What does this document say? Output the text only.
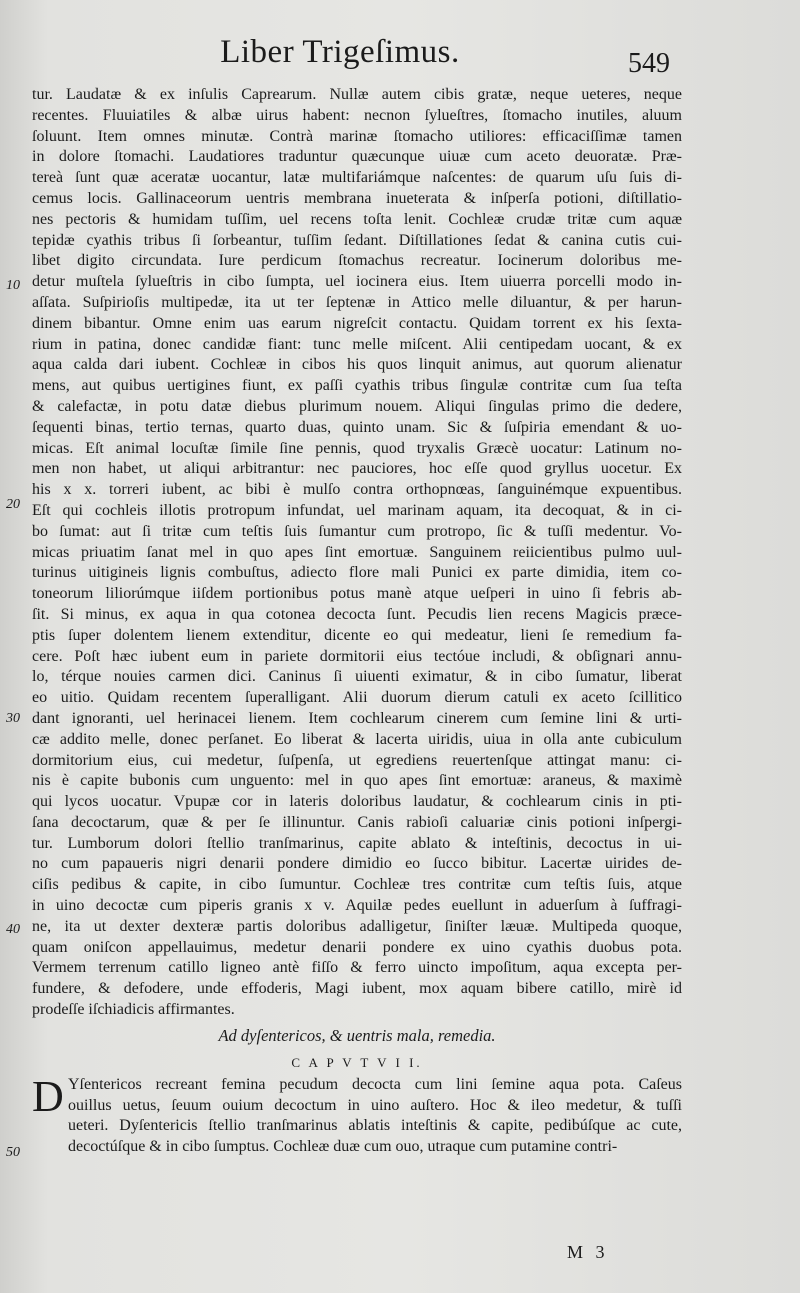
Liber Trigeſimus.	549
10
20
30
40
50
tur. Laudatæ & ex inſulis Caprearum. Nullæ autem cibis gratæ, neque ueteres, neque
recentes. Fluuiatiles & albæ uirus habent: necnon ſylueſtres, ſtomacho inutiles, aluum
ſoluunt. Item omnes minutæ. Contrà marinæ ſtomacho utiliores: efficaciſſimæ tamen
in dolore ſtomachi. Laudatiores traduntur quæcunque uiuæ cum aceto deuoratæ. Præ-
tereà ſunt quæ aceratæ uocantur, latæ multifariámque naſcentes: de quarum uſu ſuis di-
cemus locis. Gallinaceorum uentris membrana inueterata & inſperſa potioni, diſtillatio-
nes pectoris & humidam tuſſim, uel recens toſta lenit. Cochleæ crudæ tritæ cum aquæ
tepidæ cyathis tribus ſi ſorbeantur, tuſſim ſedant. Diſtillationes ſedat & canina cutis cui-
libet digito circundata. Iure perdicum ſtomachus recreatur. Iocinerum doloribus me-
detur muſtela ſylueſtris in cibo ſumpta, uel iocinera eius. Item uiuerra porcelli modo in-
aſſata. Suſpirioſis multipedæ, ita ut ter ſeptenæ in Attico melle diluantur, & per harun-
dinem bibantur. Omne enim uas earum nigreſcit contactu. Quidam torrent ex his ſexta-
rium in patina, donec candidæ fiant: tunc melle miſcent. Alii centipedam uocant, & ex
aqua calda dari iubent. Cochleæ in cibos his quos linquit animus, aut quorum alienatur
mens, aut quibus uertigines fiunt, ex paſſi cyathis tribus ſingulæ contritæ cum ſua teſta
& calefactæ, in potu datæ diebus plurimum nouem. Aliqui ſingulas primo die dedere,
ſequenti binas, tertio ternas, quarto duas, quinto unam. Sic & ſuſpiria emendant & uo-
micas. Eſt animal locuſtæ ſimile ſine pennis, quod tryxalis Græcè uocatur: Latinum no-
men non habet, ut aliqui arbitrantur: nec pauciores, hoc eſſe quod gryllus uocetur. Ex
his x x. torreri iubent, ac bibi è mulſo contra orthopnœas, ſanguinémque expuentibus.
Eſt qui cochleis illotis protropum infundat, uel marinam aquam, ita decoquat, & in ci-
bo ſumat: aut ſi tritæ cum teſtis ſuis ſumantur cum protropo, ſic & tuſſi medentur. Vo-
micas priuatim ſanat mel in quo apes ſint emortuæ. Sanguinem reiicientibus pulmo uul-
turinus uitigineis lignis combuſtus, adiecto flore mali Punici ex parte dimidia, item co-
toneorum liliorúmque iiſdem portionibus potus manè atque ueſperi in uino ſi febris ab-
ſit. Si minus, ex aqua in qua cotonea decocta ſunt. Pecudis lien recens Magicis præce-
ptis ſuper dolentem lienem extenditur, dicente eo qui medeatur, lieni ſe remedium fa-
cere. Poſt hæc iubent eum in pariete dormitorii eius tectóue includi, & obſignari annu-
lo, térque nouies carmen dici. Caninus ſi uiuenti eximatur, & in cibo ſumatur, liberat
eo uitio. Quidam recentem ſuperalligant. Alii duorum dierum catuli ex aceto ſcillitico
dant ignoranti, uel herinacei lienem. Item cochlearum cinerem cum ſemine lini & urti-
cæ addito melle, donec perſanet. Eo liberat & lacerta uiridis, uiua in olla ante cubiculum
dormitorium eius, cui medetur, ſuſpenſa, ut egrediens reuertenſque attingat manu: ci-
nis è capite bubonis cum unguento: mel in quo apes ſint emortuæ: araneus, & maximè
qui lycos uocatur. Vpupæ cor in lateris doloribus laudatur, & cochlearum cinis in pti-
ſana decoctarum, quæ & per ſe illinuntur. Canis rabioſi caluariæ cinis potioni inſpergi-
tur. Lumborum dolori ſtellio tranſmarinus, capite ablato & inteſtinis, decoctus in ui-
no cum papaueris nigri denarii pondere dimidio eo ſucco bibitur. Lacertæ uirides de-
ciſis pedibus & capite, in cibo ſumuntur. Cochleæ tres contritæ cum teſtis ſuis, atque
in uino decoctæ cum piperis granis x v. Aquilæ pedes euellunt in aduerſum à ſuffragi-
ne, ita ut dexter dexteræ partis doloribus adalligetur, ſiniſter læuæ. Multipeda quoque,
quam oniſcon appellauimus, medetur denarii pondere ex uino cyathis duobus pota.
Vermem terrenum catillo ligneo antè fiſſo & ferro uincto impoſitum, aqua excepta per-
fundere, & defodere, unde effoderis, Magi iubent, mox aquam bibere catillo, mirè id
prodeſſe iſchiadicis affirmantes.
Ad dyſentericos, & uentris mala, remedia.
C A P V T V I I.
D Yſentericos recreant femina pecudum decocta cum lini ſemine aqua pota. Caſeus
ouillus uetus, ſeuum ouium decoctum in uino auſtero. Hoc & ileo medetur, & tuſſi
ueteri. Dyſentericis ſtellio tranſmarinus ablatis inteſtinis & capite, pedibúſque ac cute,
decoctúſque & in cibo ſumptus. Cochleæ duæ cum ouo, utraque cum putamine contri-
M 3
